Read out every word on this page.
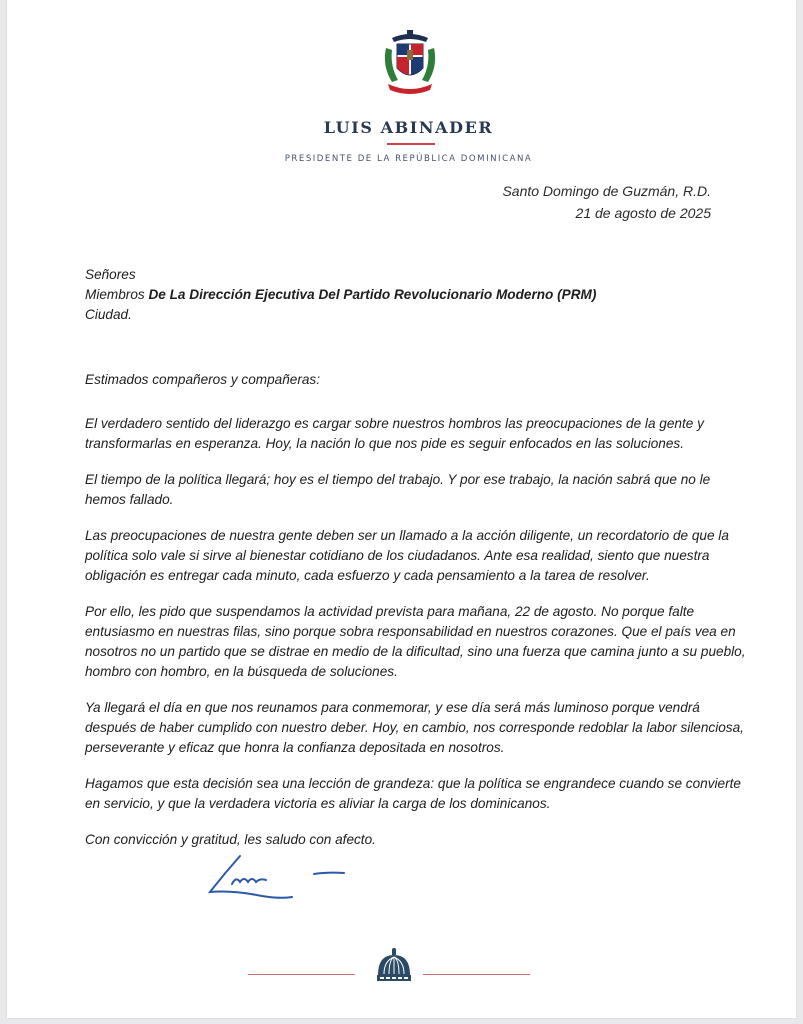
LUIS ABINADER
PRESIDENTE DE LA REPÚBLICA DOMINICANA
Santo Domingo de Guzmán, R.D.
21 de agosto de 2025
Señores
Miembros De La Dirección Ejecutiva Del Partido Revolucionario Moderno (PRM)
Ciudad.

Estimados compañeros y compañeras:

El verdadero sentido del liderazgo es cargar sobre nuestros hombros las preocupaciones de la gente y transformarlas en esperanza. Hoy, la nación lo que nos pide es seguir enfocados en las soluciones.

El tiempo de la política llegará; hoy es el tiempo del trabajo. Y por ese trabajo, la nación sabrá que no le hemos fallado.

Las preocupaciones de nuestra gente deben ser un llamado a la acción diligente, un recordatorio de que la política solo vale si sirve al bienestar cotidiano de los ciudadanos. Ante esa realidad, siento que nuestra obligación es entregar cada minuto, cada esfuerzo y cada pensamiento a la tarea de resolver.

Por ello, les pido que suspendamos la actividad prevista para mañana, 22 de agosto. No porque falte entusiasmo en nuestras filas, sino porque sobra responsabilidad en nuestros corazones. Que el país vea en nosotros no un partido que se distrae en medio de la dificultad, sino una fuerza que camina junto a su pueblo, hombro con hombro, en la búsqueda de soluciones.

Ya llegará el día en que nos reunamos para conmemorar, y ese día será más luminoso porque vendrá después de haber cumplido con nuestro deber. Hoy, en cambio, nos corresponde redoblar la labor silenciosa, perseverante y eficaz que honra la confianza depositada en nosotros.

Hagamos que esta decisión sea una lección de grandeza: que la política se engrandece cuando se convierte en servicio, y que la verdadera victoria es aliviar la carga de los dominicanos.

Con convicción y gratitud, les saludo con afecto.
